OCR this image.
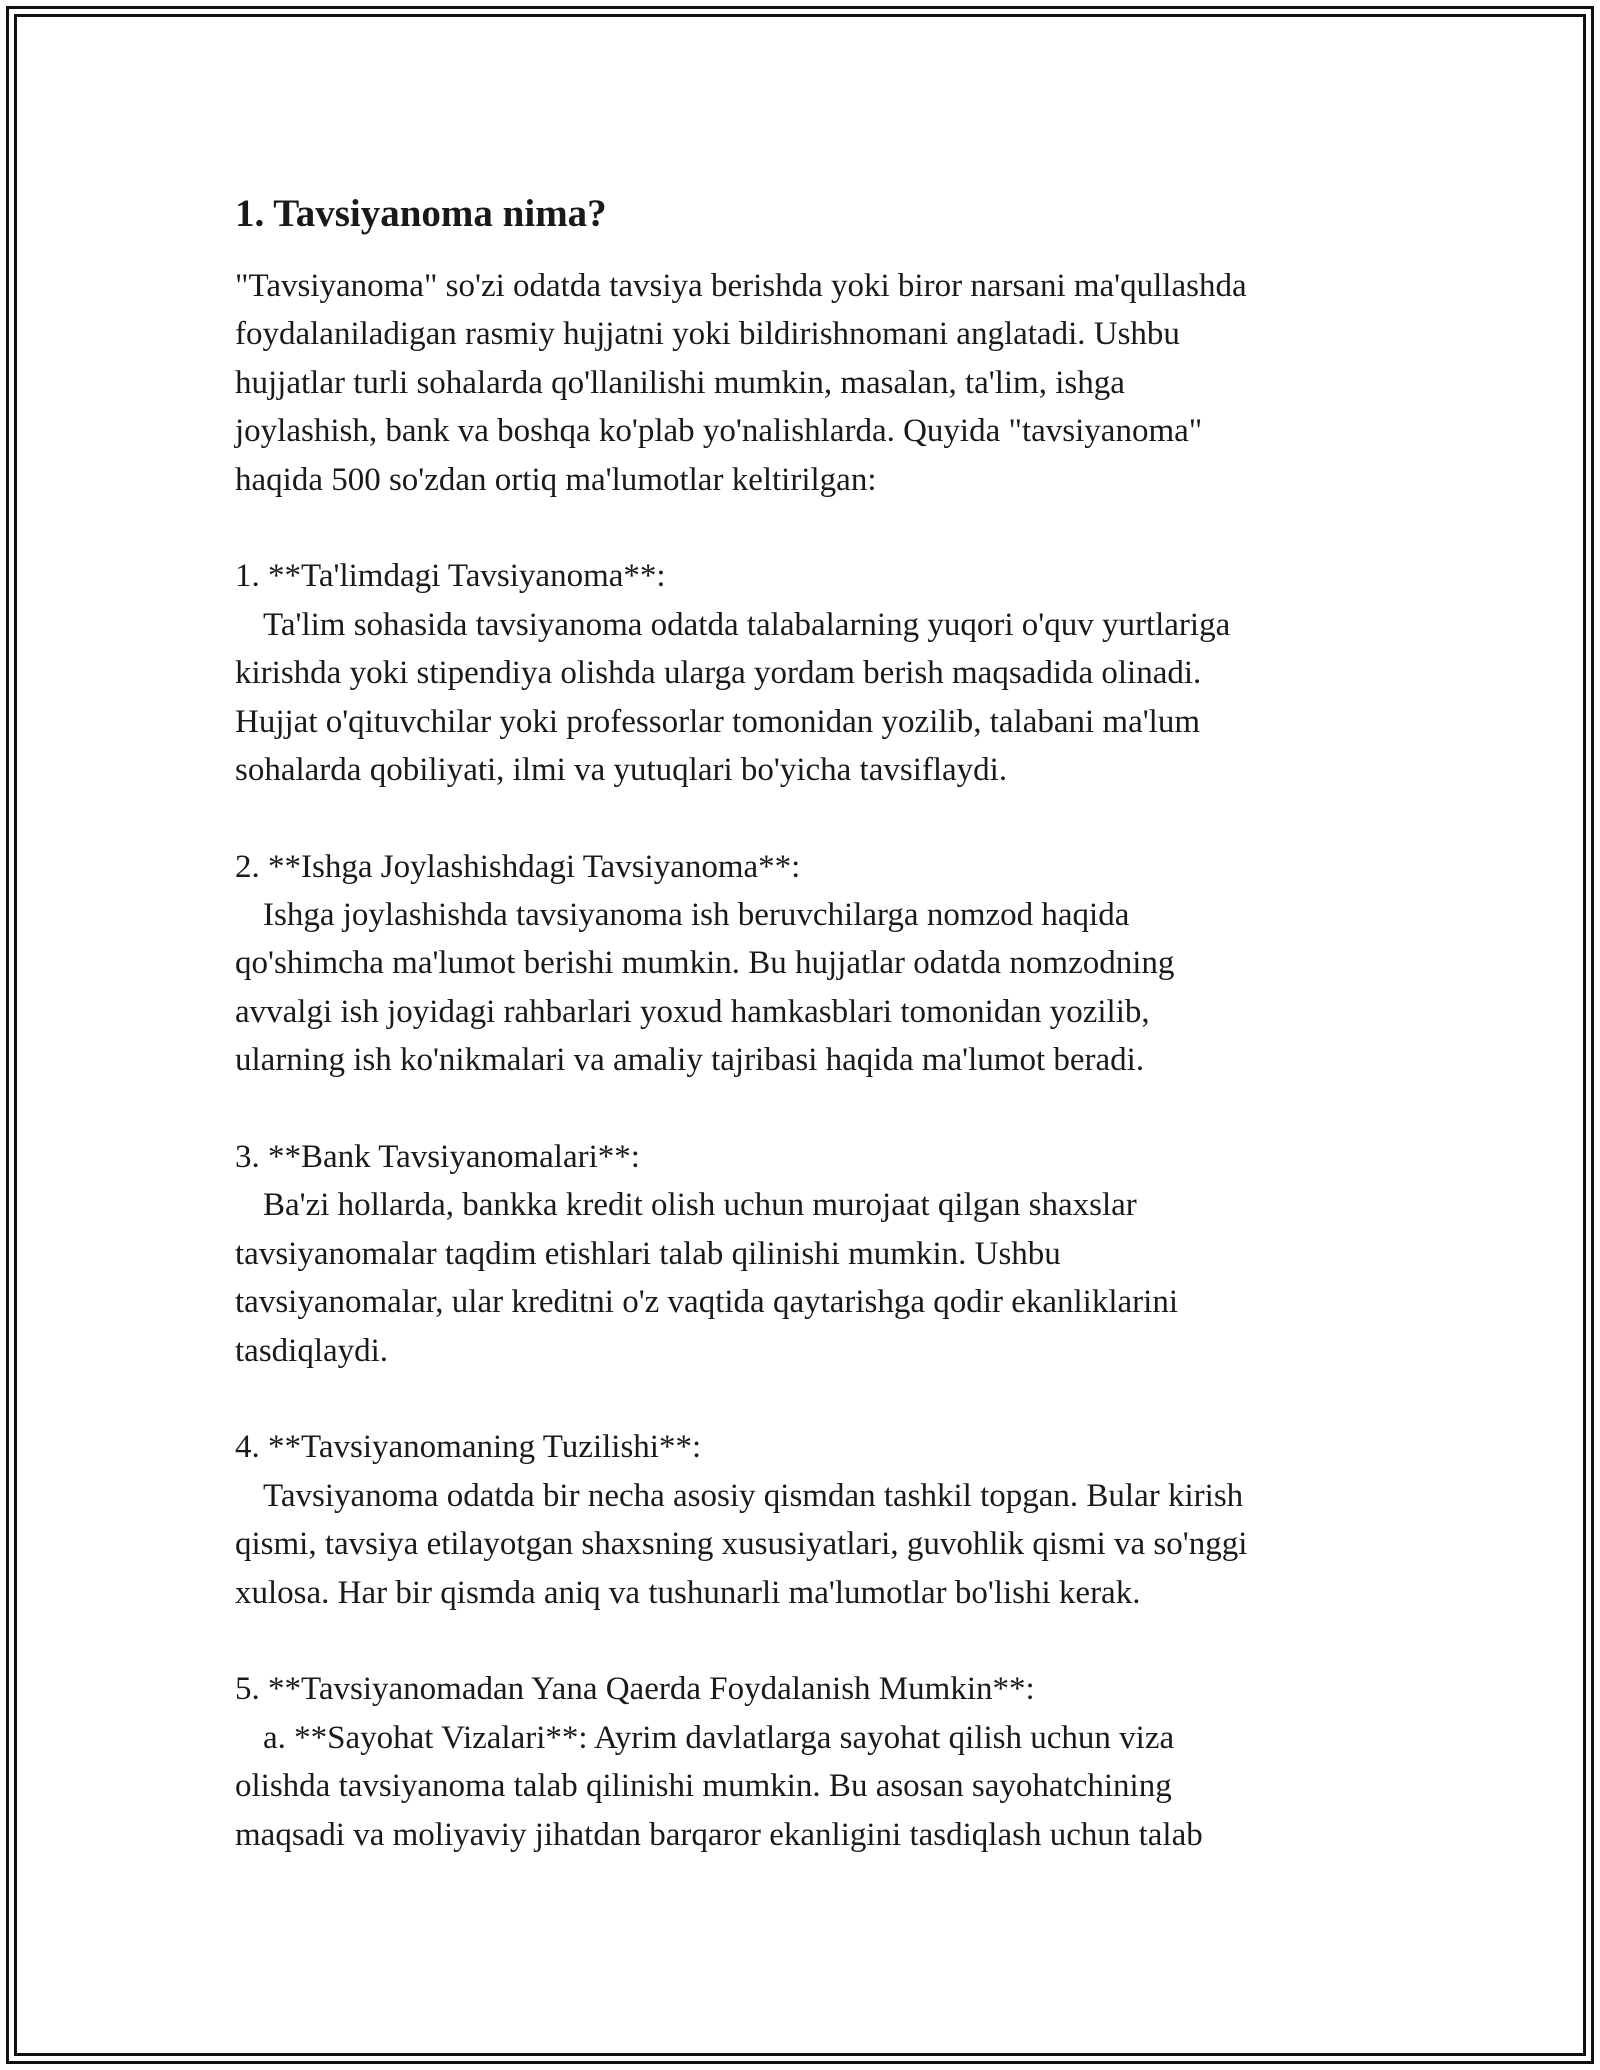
1. Tavsiyanoma nima?
"Tavsiyanoma" so'zi odatda tavsiya berishda yoki biror narsani ma'qullashda
foydalaniladigan rasmiy hujjatni yoki bildirishnomani anglatadi. Ushbu
hujjatlar turli sohalarda qo'llanilishi mumkin, masalan, ta'lim, ishga
joylashish, bank va boshqa ko'plab yo'nalishlarda. Quyida "tavsiyanoma"
haqida 500 so'zdan ortiq ma'lumotlar keltirilgan:
1. **Ta'limdagi Tavsiyanoma**:
Ta'lim sohasida tavsiyanoma odatda talabalarning yuqori o'quv yurtlariga
kirishda yoki stipendiya olishda ularga yordam berish maqsadida olinadi.
Hujjat o'qituvchilar yoki professorlar tomonidan yozilib, talabani ma'lum
sohalarda qobiliyati, ilmi va yutuqlari bo'yicha tavsiflaydi.
2. **Ishga Joylashishdagi Tavsiyanoma**:
Ishga joylashishda tavsiyanoma ish beruvchilarga nomzod haqida
qo'shimcha ma'lumot berishi mumkin. Bu hujjatlar odatda nomzodning
avvalgi ish joyidagi rahbarlari yoxud hamkasblari tomonidan yozilib,
ularning ish ko'nikmalari va amaliy tajribasi haqida ma'lumot beradi.
3. **Bank Tavsiyanomalari**:
Ba'zi hollarda, bankka kredit olish uchun murojaat qilgan shaxslar
tavsiyanomalar taqdim etishlari talab qilinishi mumkin. Ushbu
tavsiyanomalar, ular kreditni o'z vaqtida qaytarishga qodir ekanliklarini
tasdiqlaydi.
4. **Tavsiyanomaning Tuzilishi**:
Tavsiyanoma odatda bir necha asosiy qismdan tashkil topgan. Bular kirish
qismi, tavsiya etilayotgan shaxsning xususiyatlari, guvohlik qismi va so'nggi
xulosa. Har bir qismda aniq va tushunarli ma'lumotlar bo'lishi kerak.
5. **Tavsiyanomadan Yana Qaerda Foydalanish Mumkin**:
a. **Sayohat Vizalari**: Ayrim davlatlarga sayohat qilish uchun viza
olishda tavsiyanoma talab qilinishi mumkin. Bu asosan sayohatchining
maqsadi va moliyaviy jihatdan barqaror ekanligini tasdiqlash uchun talab
